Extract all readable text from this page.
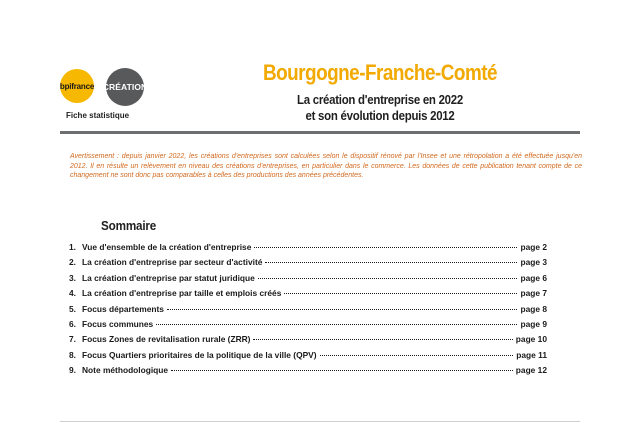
bpifrance CRÉATION
Fiche statistique
Bourgogne-Franche-Comté
La création d'entreprise en 2022
et son évolution depuis 2012
Avertissement : depuis janvier 2022, les créations d'entreprises sont calculées selon le dispositif rénové par l'Insee et une rétropolation a été effectuée jusqu'en 2012. Il en résulte un relèvement en niveau des créations d'entreprises, en particulier dans le commerce. Les données de cette publication tenant compte de ce changement ne sont donc pas comparables à celles des productions des années précédentes.
Sommaire
1. Vue d'ensemble de la création d'entreprise	page 2
2. La création d'entreprise par secteur d'activité	page 3
3. La création d'entreprise par statut juridique	page 6
4. La création d'entreprise par taille et emplois créés	page 7
5. Focus départements	page 8
6. Focus communes	page 9
7. Focus Zones de revitalisation rurale (ZRR)	page 10
8. Focus Quartiers prioritaires de la politique de la ville (QPV)	page 11
9. Note méthodologique	page 12
